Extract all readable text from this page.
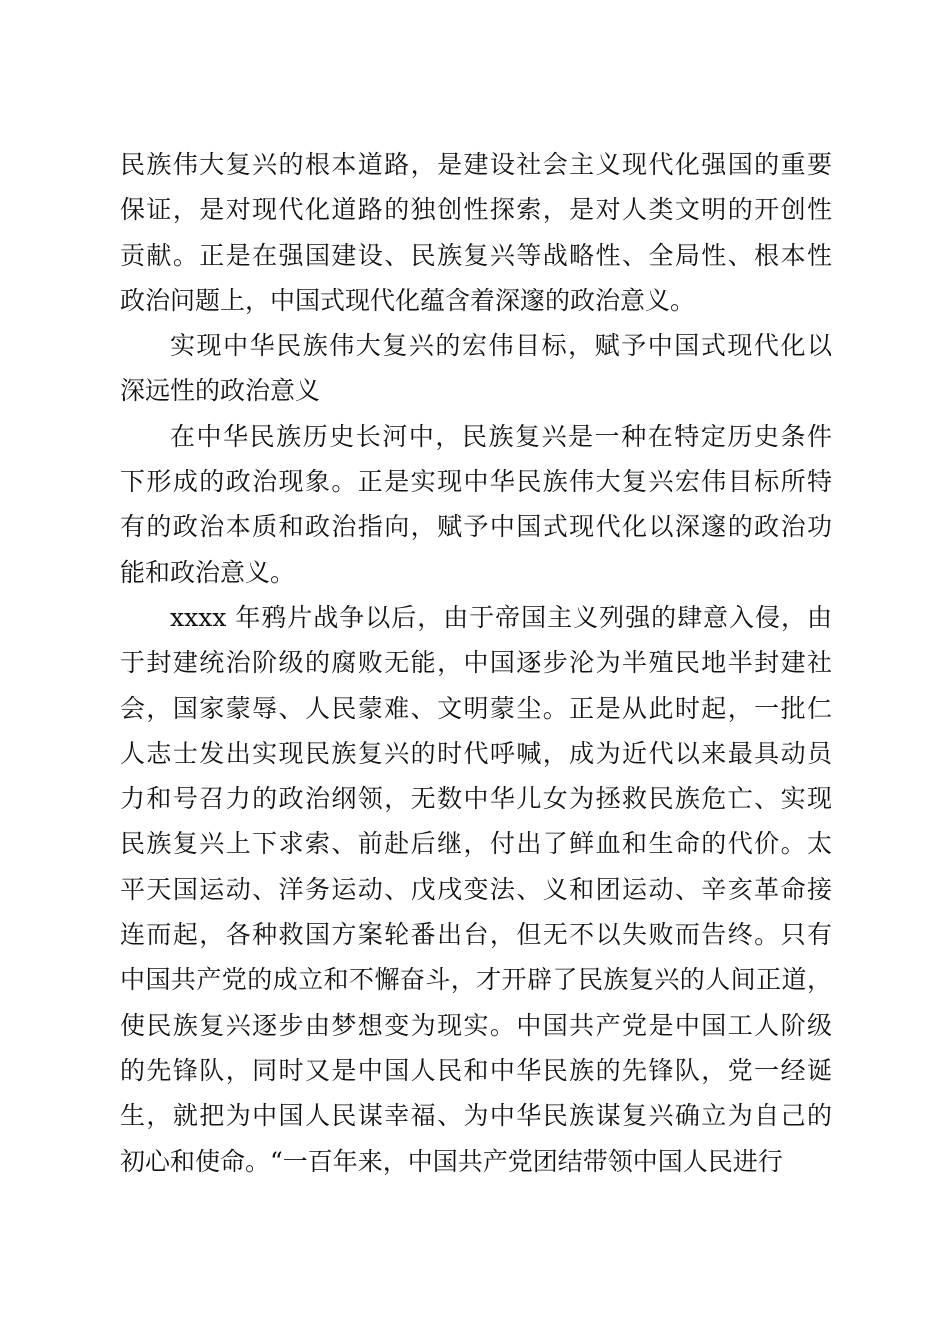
民族伟大复兴的根本道路，是建设社会主义现代化强国的重要
保证，是对现代化道路的独创性探索，是对人类文明的开创性
贡献。正是在强国建设、民族复兴等战略性、全局性、根本性
政治问题上，中国式现代化蕴含着深邃的政治意义。

实现中华民族伟大复兴的宏伟目标，赋予中国式现代化以
深远性的政治意义

在中华民族历史长河中，民族复兴是一种在特定历史条件
下形成的政治现象。正是实现中华民族伟大复兴宏伟目标所特
有的政治本质和政治指向，赋予中国式现代化以深邃的政治功
能和政治意义。

xxxx 年鸦片战争以后，由于帝国主义列强的肆意入侵，由
于封建统治阶级的腐败无能，中国逐步沦为半殖民地半封建社
会，国家蒙辱、人民蒙难、文明蒙尘。正是从此时起，一批仁
人志士发出实现民族复兴的时代呼喊，成为近代以来最具动员
力和号召力的政治纲领，无数中华儿女为拯救民族危亡、实现
民族复兴上下求索、前赴后继，付出了鲜血和生命的代价。太
平天国运动、洋务运动、戊戌变法、义和团运动、辛亥革命接
连而起，各种救国方案轮番出台，但无不以失败而告终。只有
中国共产党的成立和不懈奋斗，才开辟了民族复兴的人间正道，
使民族复兴逐步由梦想变为现实。中国共产党是中国工人阶级
的先锋队，同时又是中国人民和中华民族的先锋队，党一经诞
生，就把为中国人民谋幸福、为中华民族谋复兴确立为自己的
初心和使命。“一百年来，中国共产党团结带领中国人民进行
